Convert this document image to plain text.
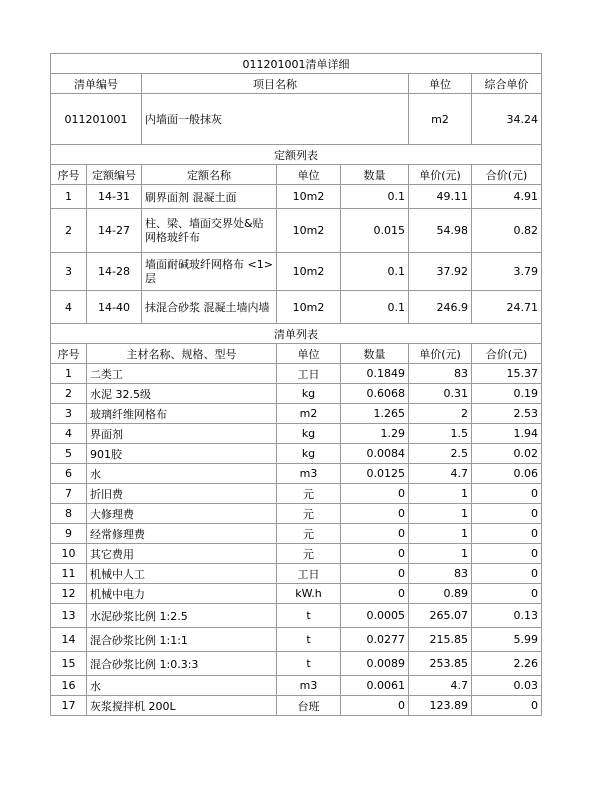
011201001清单详细						
清单编号		项目名称			单位	综合单价
011201001		内墙面一般抹灰			m2	34.24
定额列表						
序号	定额编号	定额名称	单位	数量	单价(元)	合价(元)
1	14-31	刷界面剂 混凝土面	10m2	0.1	49.11	4.91
2	14-27	柱、梁、墙面交界处&贴网格玻纤布	10m2	0.015	54.98	0.82
3	14-28	墙面耐碱玻纤网格布 <1>层	10m2	0.1	37.92	3.79
4	14-40	抹混合砂浆 混凝土墙内墙	10m2	0.1	246.9	24.71
清单列表						
序号	主材名称、规格、型号		单位	数量	单价(元)	合价(元)
1	二类工		工日	0.1849	83	15.37
2	水泥 32.5级		kg	0.6068	0.31	0.19
3	玻璃纤维网格布		m2	1.265	2	2.53
4	界面剂		kg	1.29	1.5	1.94
5	901胶		kg	0.0084	2.5	0.02
6	水		m3	0.0125	4.7	0.06
7	折旧费		元	0	1	0
8	大修理费		元	0	1	0
9	经常修理费		元	0	1	0
10	其它费用		元	0	1	0
11	机械中人工		工日	0	83	0
12	机械中电力		kW.h	0	0.89	0
13	水泥砂浆比例 1:2.5		t	0.0005	265.07	0.13
14	混合砂浆比例 1:1:1		t	0.0277	215.85	5.99
15	混合砂浆比例 1:0.3:3		t	0.0089	253.85	2.26
16	水		m3	0.0061	4.7	0.03
17	灰浆搅拌机 200L		台班	0	123.89	0
